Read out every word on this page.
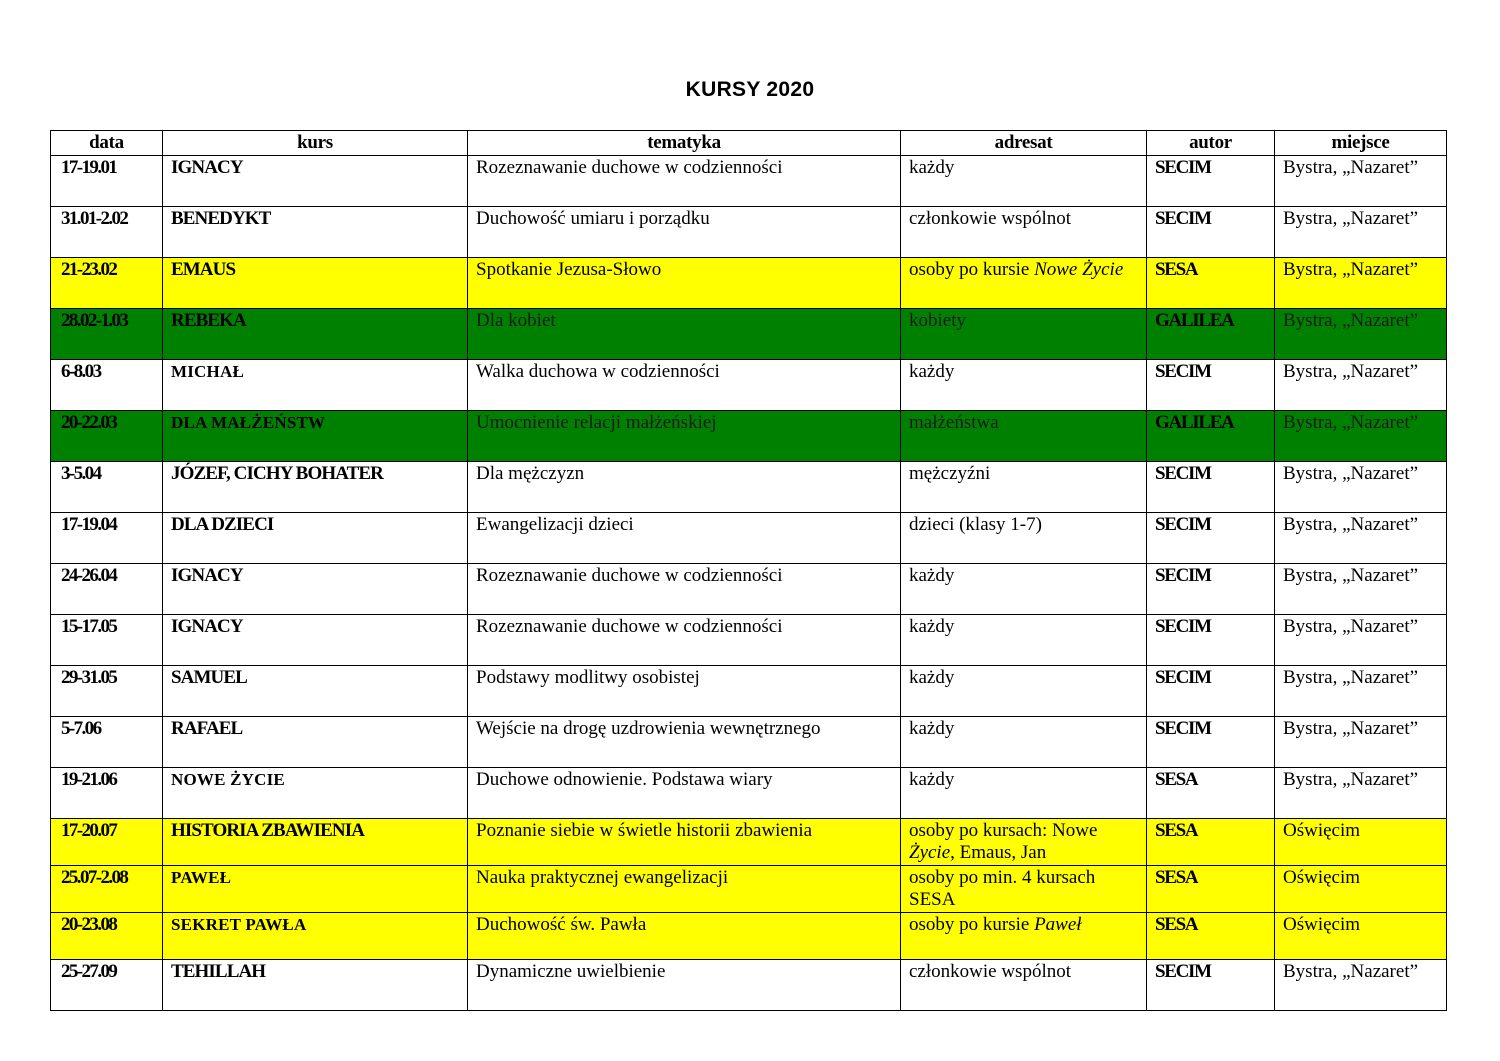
KURSY 2020
data	kurs	tematyka	adresat	autor	miejsce
17-19.01	IGNACY	Rozeznawanie duchowe w codzienności	każdy	SECIM	Bystra, „Nazaret”
31.01-2.02	BENEDYKT	Duchowość umiaru i porządku	członkowie wspólnot	SECIM	Bystra, „Nazaret”
21-23.02	EMAUS	Spotkanie Jezusa-Słowo	osoby po kursie Nowe Życie	SESA	Bystra, „Nazaret”
28.02-1.03	REBEKA	Dla kobiet	kobiety	GALILEA	Bystra, „Nazaret”
6-8.03	MICHAŁ	Walka duchowa w codzienności	każdy	SECIM	Bystra, „Nazaret”
20-22.03	DLA MAŁŻEŃSTW	Umocnienie relacji małżeńskiej	małżeństwa	GALILEA	Bystra, „Nazaret”
3-5.04	JÓZEF, CICHY BOHATER	Dla mężczyzn	mężczyźni	SECIM	Bystra, „Nazaret”
17-19.04	DLA DZIECI	Ewangelizacji dzieci	dzieci (klasy 1-7)	SECIM	Bystra, „Nazaret”
24-26.04	IGNACY	Rozeznawanie duchowe w codzienności	każdy	SECIM	Bystra, „Nazaret”
15-17.05	IGNACY	Rozeznawanie duchowe w codzienności	każdy	SECIM	Bystra, „Nazaret”
29-31.05	SAMUEL	Podstawy modlitwy osobistej	każdy	SECIM	Bystra, „Nazaret”
5-7.06	RAFAEL	Wejście na drogę uzdrowienia wewnętrznego	każdy	SECIM	Bystra, „Nazaret”
19-21.06	NOWE ŻYCIE	Duchowe odnowienie. Podstawa wiary	każdy	SESA	Bystra, „Nazaret”
17-20.07	HISTORIA ZBAWIENIA	Poznanie siebie w świetle historii zbawienia	osoby po kursach: Nowe Życie, Emaus, Jan	SESA	Oświęcim
25.07-2.08	PAWEŁ	Nauka praktycznej ewangelizacji	osoby po min. 4 kursach SESA	SESA	Oświęcim
20-23.08	SEKRET PAWŁA	Duchowość św. Pawła	osoby po kursie Paweł	SESA	Oświęcim
25-27.09	TEHILLAH	Dynamiczne uwielbienie	członkowie wspólnot	SECIM	Bystra, „Nazaret”
